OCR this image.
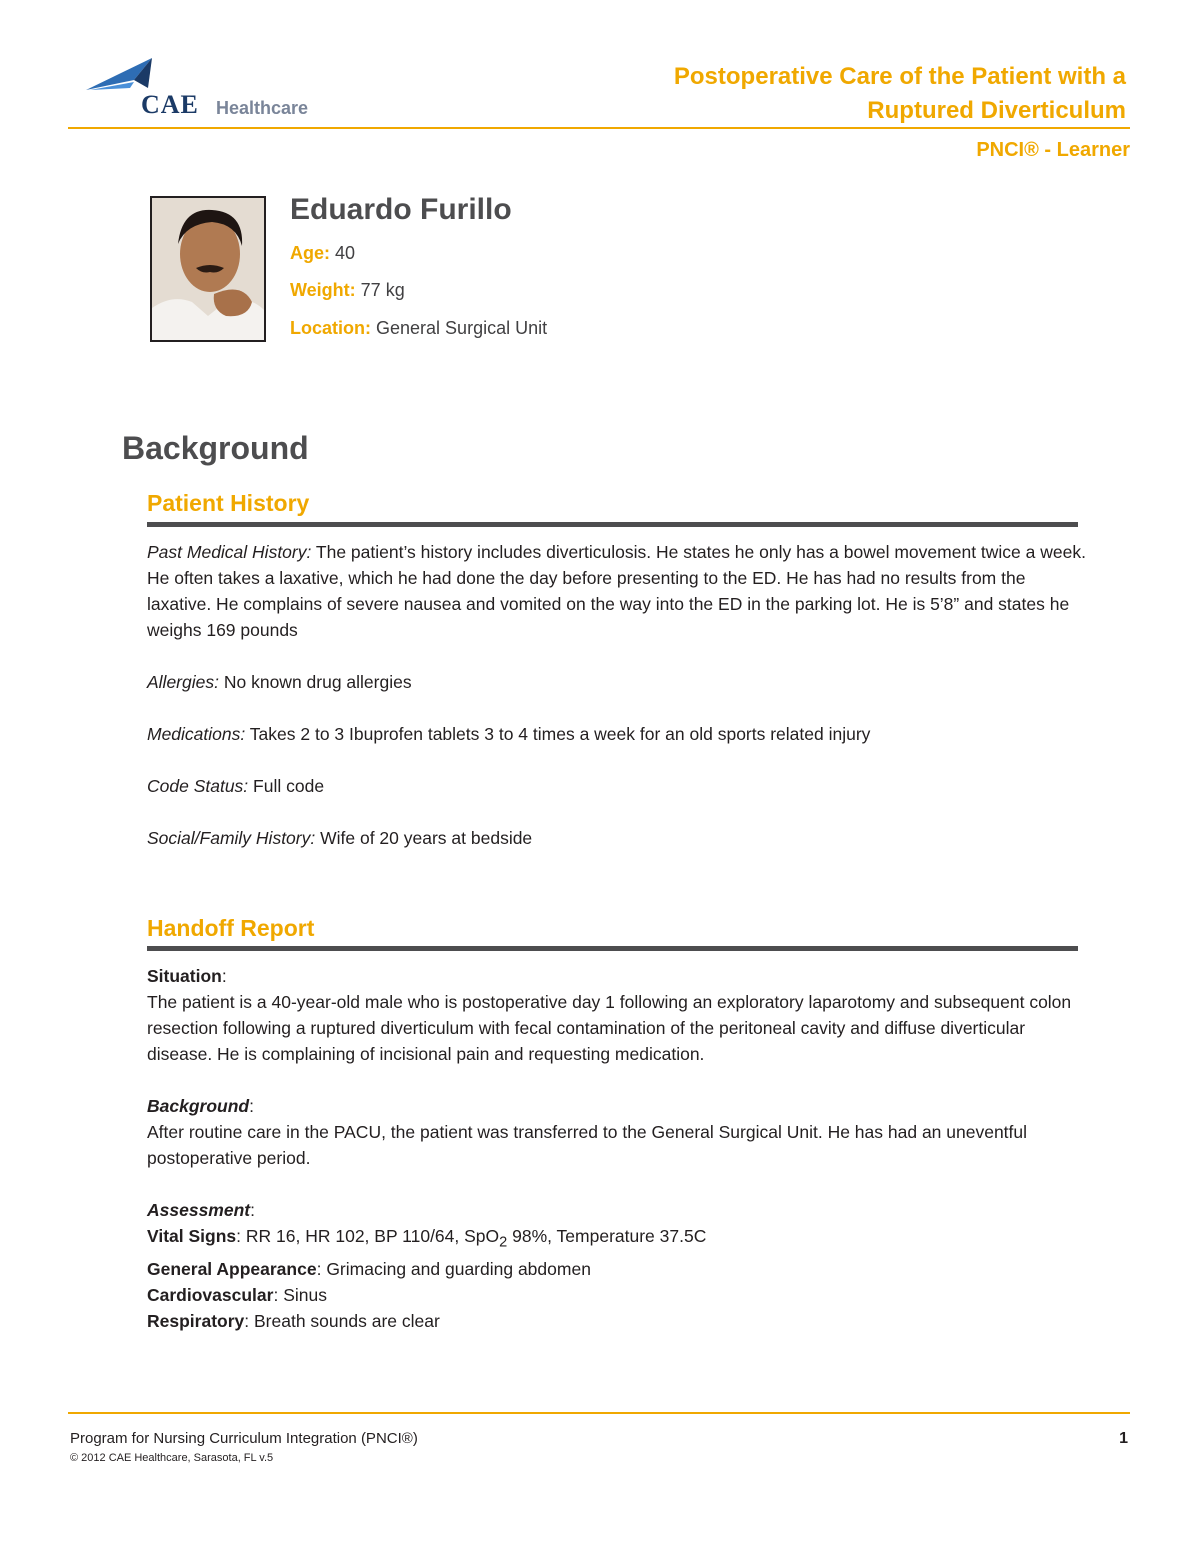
CAE Healthcare
Postoperative Care of the Patient with a
Ruptured Diverticulum
PNCI® - Learner
Eduardo Furillo
Age: 40
Weight: 77 kg
Location: General Surgical Unit
Background
Patient History

Past Medical History: The patient’s history includes diverticulosis. He states he only has a bowel movement twice a week. He often takes a laxative, which he had done the day before presenting to the ED. He has had no results from the laxative. He complains of severe nausea and vomited on the way into the ED in the parking lot. He is 5’8” and states he weighs 169 pounds

Allergies: No known drug allergies

Medications: Takes 2 to 3 Ibuprofen tablets 3 to 4 times a week for an old sports related injury

Code Status: Full code

Social/Family History: Wife of 20 years at bedside

Handoff Report

Situation:

The patient is a 40-year-old male who is postoperative day 1 following an exploratory laparotomy and subsequent colon resection following a ruptured diverticulum with fecal contamination of the peritoneal cavity and diffuse diverticular disease. He is complaining of incisional pain and requesting medication.

Background:

After routine care in the PACU, the patient was transferred to the General Surgical Unit. He has had an uneventful postoperative period.

Assessment:

Vital Signs: RR 16, HR 102, BP 110/64, SpO$_2$ 98%, Temperature 37.5C

General Appearance: Grimacing and guarding abdomen

Cardiovascular: Sinus

Respiratory: Breath sounds are clear

Program for Nursing Curriculum Integration (PNCI®)
© 2012 CAE Healthcare, Sarasota, FL v.5
1
